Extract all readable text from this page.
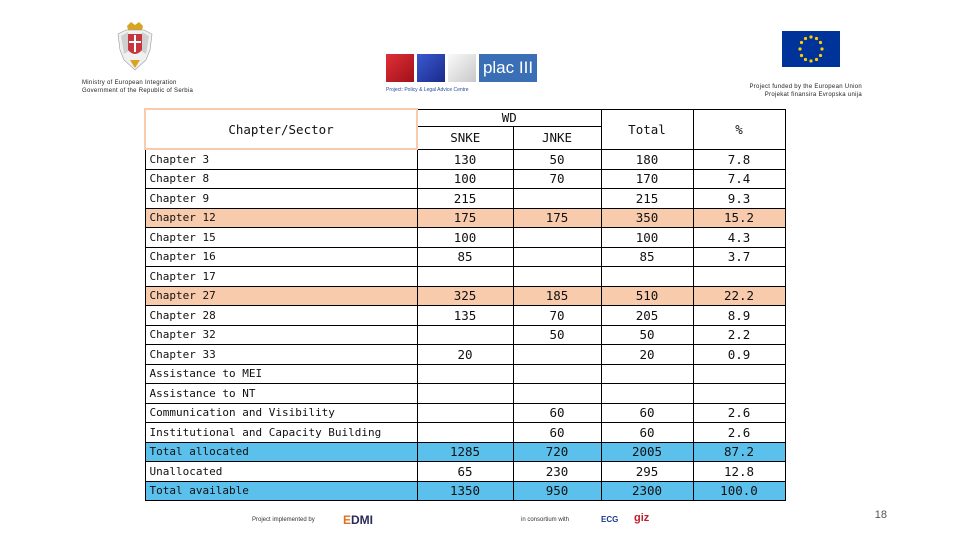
Ministry of European Integration
Government of the Republic of Serbia
plac III
Project: Policy & Legal Advice Centre	Project funded by the European Union
Projekat finansira Evropska unija
Chapter/Sector	WD		Total	%
	SNKE	JNKE		
Chapter 3	130	50	180	7.8
Chapter 8	100	70	170	7.4
Chapter 9	215		215	9.3
Chapter 12	175	175	350	15.2
Chapter 15	100		100	4.3
Chapter 16	85		85	3.7
Chapter 17				
Chapter 27	325	185	510	22.2
Chapter 28	135	70	205	8.9
Chapter 32		50	50	2.2
Chapter 33	20		20	0.9
Assistance to MEI				
Assistance to NT				
Communication and Visibility		60	60	2.6
Institutional and Capacity Building		60	60	2.6
Total allocated	1285	720	2005	87.2
Unallocated	65	230	295	12.8
Total available	1350	950	2300	100.0
Project implemented by EDMI	in consortium with	ECG giz	18
